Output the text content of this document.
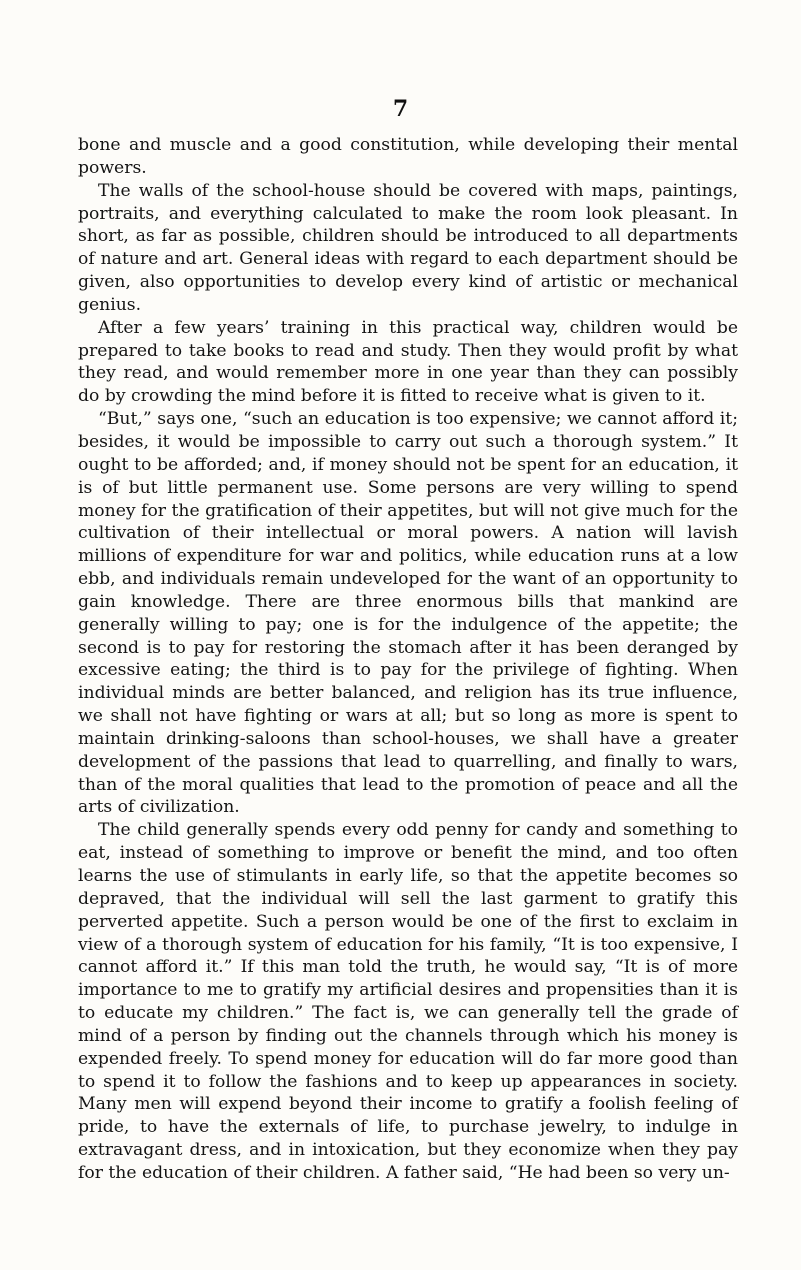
7

bone and muscle and a good constitution, while developing their mental powers.

The walls of the school-house should be covered with maps, paintings, portraits, and everything calculated to make the room look pleasant. In short, as far as possible, children should be introduced to all departments of nature and art. General ideas with regard to each department should be given, also opportunities to develop every kind of artistic or mechanical genius.

After a few years’ training in this practical way, children would be prepared to take books to read and study. Then they would profit by what they read, and would remember more in one year than they can possibly do by crowding the mind before it is fitted to receive what is given to it.

“But,” says one, “such an education is too expensive; we cannot afford it; besides, it would be impossible to carry out such a thorough system.” It ought to be afforded; and, if money should not be spent for an education, it is of but little permanent use. Some persons are very willing to spend money for the gratification of their appetites, but will not give much for the cultivation of their intellectual or moral powers. A nation will lavish millions of expenditure for war and politics, while education runs at a low ebb, and individuals remain undeveloped for the want of an opportunity to gain knowledge. There are three enormous bills that mankind are generally willing to pay; one is for the indulgence of the appetite; the second is to pay for restoring the stomach after it has been deranged by excessive eating; the third is to pay for the privilege of fighting. When individual minds are better balanced, and religion has its true influence, we shall not have fighting or wars at all; but so long as more is spent to maintain drinking-saloons than school-houses, we shall have a greater development of the passions that lead to quarrelling, and finally to wars, than of the moral qualities that lead to the promotion of peace and all the arts of civilization.

The child generally spends every odd penny for candy and something to eat, instead of something to improve or benefit the mind, and too often learns the use of stimulants in early life, so that the appetite becomes so depraved, that the individual will sell the last garment to gratify this perverted appetite. Such a person would be one of the first to exclaim in view of a thorough system of education for his family, “It is too expensive, I cannot afford it.” If this man told the truth, he would say, “It is of more importance to me to gratify my artificial desires and propensities than it is to educate my children.” The fact is, we can generally tell the grade of mind of a person by finding out the channels through which his money is expended freely. To spend money for education will do far more good than to spend it to follow the fashions and to keep up appearances in society. Many men will expend beyond their income to gratify a foolish feeling of pride, to have the externals of life, to purchase jewelry, to indulge in extravagant dress, and in intoxication, but they economize when they pay for the education of their children. A father said, “He had been so very un-
